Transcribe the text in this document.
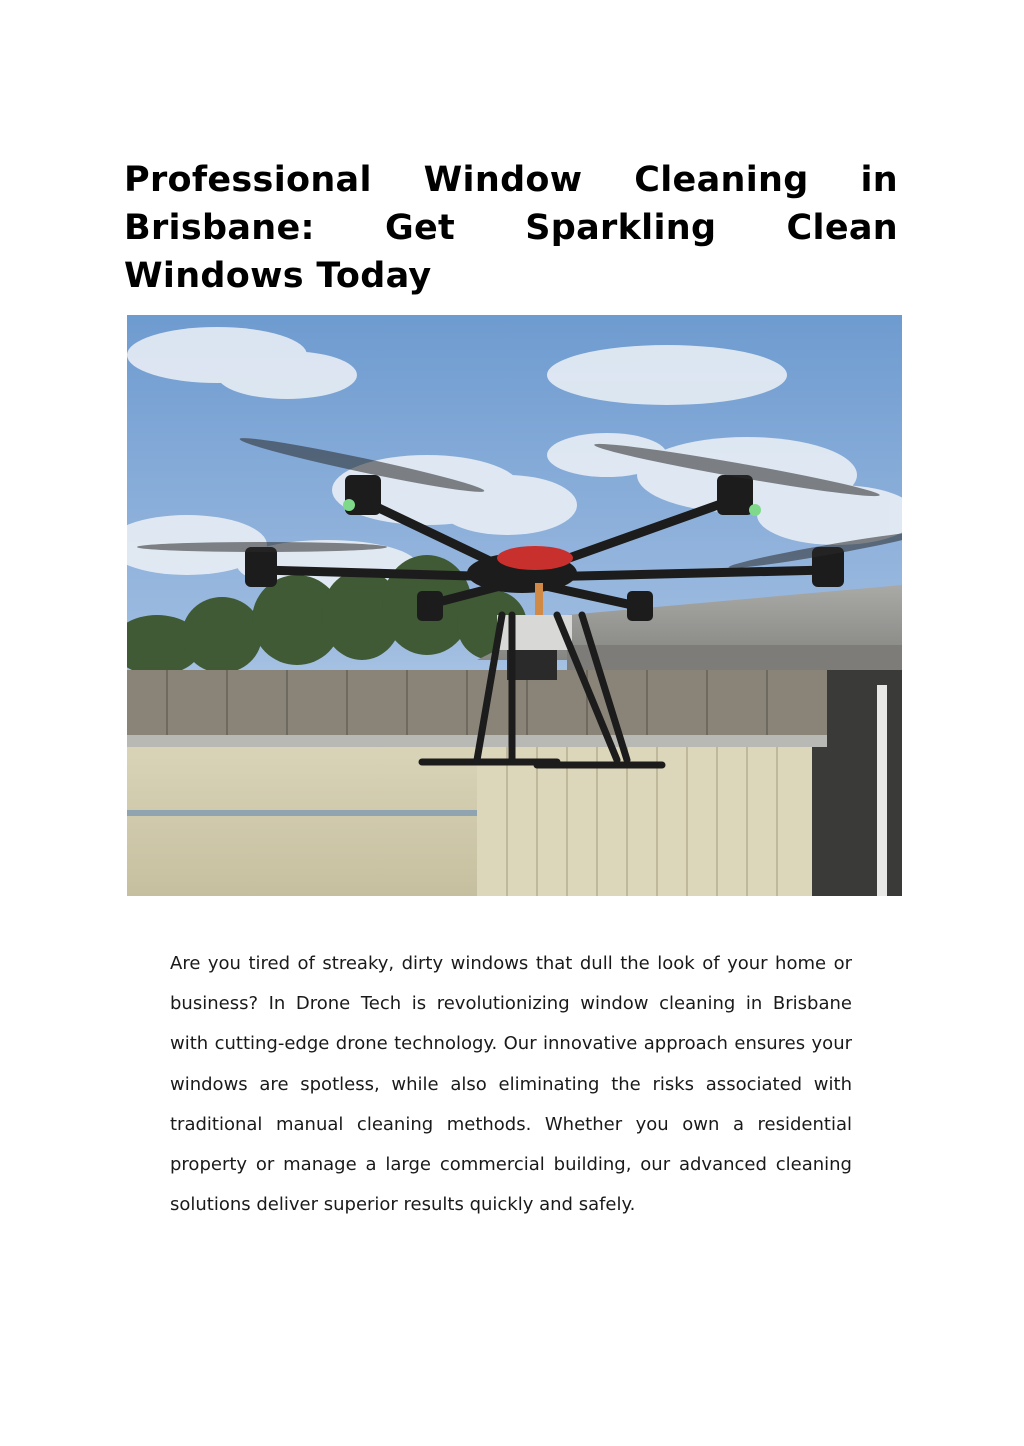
Professional Window Cleaning in Brisbane: Get Sparkling Clean Windows Today

Are you tired of streaky, dirty windows that dull the look of your home or business? In Drone Tech is revolutionizing window cleaning in Brisbane with cutting-edge drone technology. Our innovative approach ensures your windows are spotless, while also eliminating the risks associated with traditional manual cleaning methods. Whether you own a residential property or manage a large commercial building, our advanced cleaning solutions deliver superior results quickly and safely.
